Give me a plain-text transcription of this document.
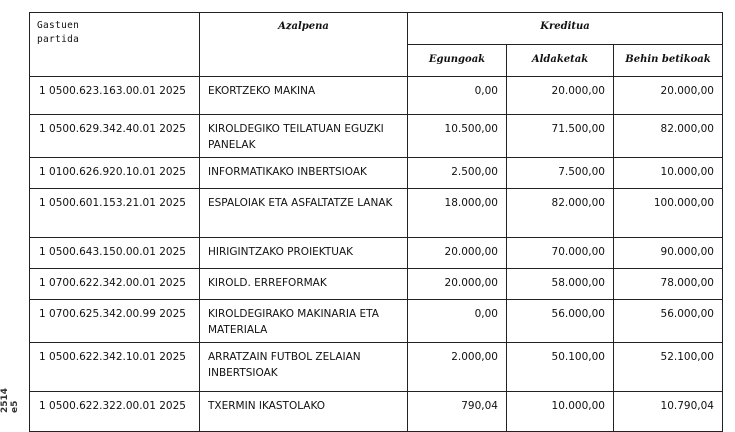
2514 e5
Gastuen
partida	Azalpena	Kreditua		
		Egungoak	Aldaketak	Behin betikoak
1 0500.623.163.00.01 2025	EKORTZEKO MAKINA	0,00	20.000,00	20.000,00
1 0500.629.342.40.01 2025	KIROLDEGIKO TEILATUAN EGUZKI PANELAK	10.500,00	71.500,00	82.000,00
1 0100.626.920.10.01 2025	INFORMATIKAKO INBERTSIOAK	2.500,00	7.500,00	10.000,00
1 0500.601.153.21.01 2025	ESPALOIAK ETA ASFALTATZE LANAK	18.000,00	82.000,00	100.000,00
1 0500.643.150.00.01 2025	HIRIGINTZAKO PROIEKTUAK	20.000,00	70.000,00	90.000,00
1 0700.622.342.00.01 2025	KIROLD. ERREFORMAK	20.000,00	58.000,00	78.000,00
1 0700.625.342.00.99 2025	KIROLDEGIRAKO MAKINARIA ETA MATERIALA	0,00	56.000,00	56.000,00
1 0500.622.342.10.01 2025	ARRATZAIN FUTBOL ZELAIAN INBERTSIOAK	2.000,00	50.100,00	52.100,00
1 0500.622.322.00.01 2025	TXERMIN IKASTOLAKO	790,04	10.000,00	10.790,04
